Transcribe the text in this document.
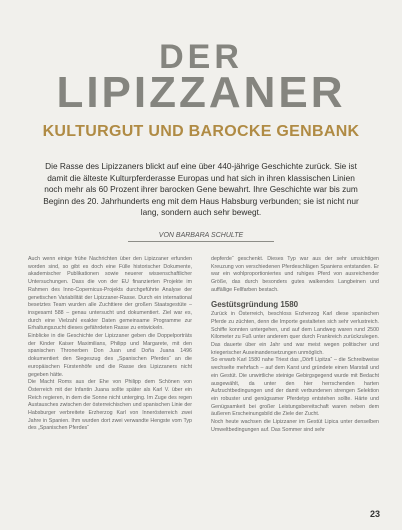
DER
LIPIZZANER
KULTURGUT UND BAROCKE GENBANK
Die Rasse des Lipizzaners blickt auf eine über 440-jährige Geschichte zurück. Sie ist damit die älteste Kulturpferderasse Europas und hat sich in ihren klassischen Linien noch mehr als 60 Prozent ihrer barocken Gene bewahrt. Ihre Geschichte war bis zum Beginn des 20. Jahrhunderts eng mit dem Haus Habsburg verbunden; sie ist nicht nur lang, sondern auch sehr bewegt.
VON BARBARA SCHULTE

Auch wenn einige frühe Nachrichten über den Lipizzaner erfunden worden sind, so gibt es doch eine Fülle historischer Dokumente, akademischer Publikationen sowie neuerer wissenschaftlicher Untersuchungen. Dass die von der EU finanzierten Projekte im Rahmen des Inno-Copernicus-Projekts durchgeführte Analyse der genetischen Variabilität der Lipizzaner-Rasse. Durch ein international besetztes Team wurden alle Zuchttiere der großen Staatsgestüte – insgesamt 588 – genau untersucht und dokumentiert. Ziel war es, durch eine Vielzahl exakter Daten gemeinsame Programme zur Erhaltungszucht dieses gefährdeten Rasse zu entwickeln.

Einblicke in die Geschichte der Lipizzaner geben die Doppelporträts der Kinder Kaiser Maximilians, Philipp und Margarete, mit den spanischen Thronerben Don Juan und Doña Juana 1496 dokumentiert den Siegeszug des „Spanischen Pferdes“ an die europäischen Fürstenhöfe und die Rasse des Lipizzaners nicht gegeben hätte.

Die Macht Roms aus der Ehe von Philipp dem Schönen von Österreich mit der Infantin Juana sollte später als Karl V. über ein Reich regieren, in dem die Sonne nicht unterging. Im Zuge des regen Austausches zwischen der österreichischen und spanischen Linie der Habsburger verbreitete Erzherzog Karl von Innerösterreich zwei Jahre in Spanien. Ihm wurden dort zwei verwandte Hengste vom Typ des „Spanischen Pferdes“

depferde“ geschenkt. Dieses Typ war aus der sehr umsichtigen Kreuzung von verschiedenen Pferdeschlägen Spaniens entstanden. Er war ein wohlproportioniertes und ruhiges Pferd von ausreichender Größe, das durch besonders gutes walkendes Langbeinen und auffällige Fellfarben bestach.

Gestütsgründung 1580

Zurück in Österreich, beschloss Erzherzog Karl diese spanischen Pferde zu züchten, denn die Importe gestalteten sich sehr verlustreich. Schiffe konnten untergehen, und auf dem Landweg waren rund 2500 Kilometer zu Fuß unter anderem quer durch Frankreich zurückzulegen. Das dauerte über ein Jahr und war meist wegen politischer und kriegerischer Auseinandersetzungen unmöglich.

So erwarb Karl 1580 nahe Triest das „Dörfl Lipitza“ – die Schreibweise wechselte mehrfach – auf dem Karst und gründete einen Marstall und ein Gestüt. Die unwirtliche steinige Gebirgsgegend wurde mit Bedacht ausgewählt, da unter den hier herrschenden harten Aufzuchtbedingungen und der damit verbundenen strengen Selektion ein robuster und genügsamer Pferdetyp entstehen sollte. Härte und Genügsamkeit bei großer Leistungsbereitschaft waren neben dem äußeren Erscheinungsbild die Ziele der Zucht.

Noch heute wachsen die Lipizzaner im Gestüt Lipica unter denselben Umweltbedingungen auf. Das Sommer sind sehr

23
